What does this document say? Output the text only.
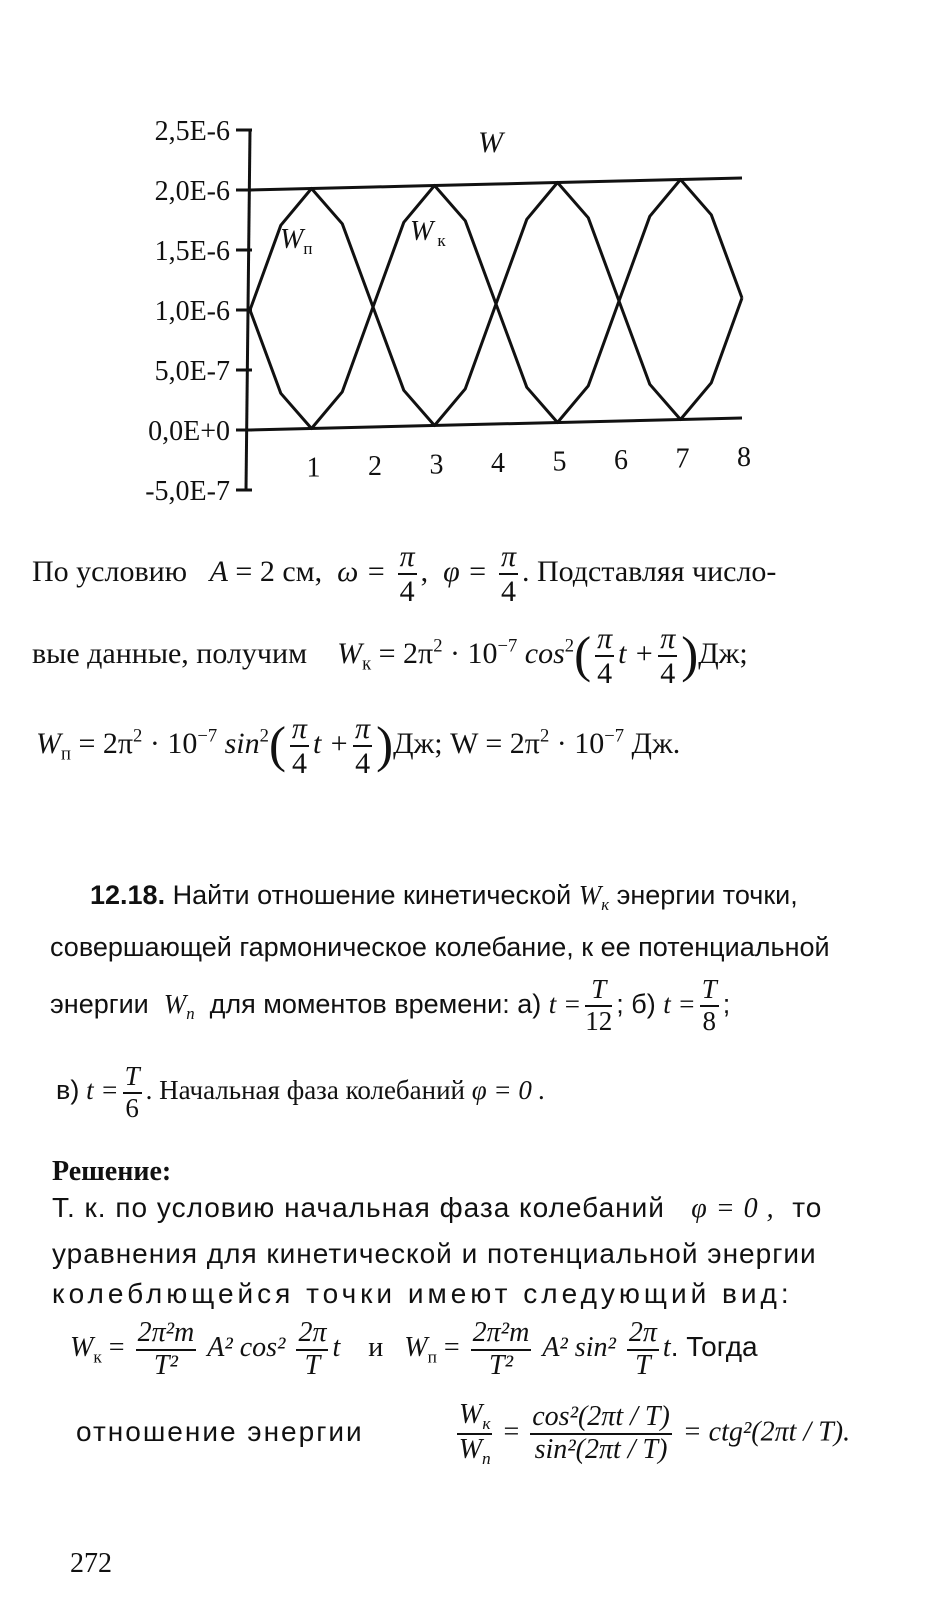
2,5E-6
2,0E-6
1,5E-6
1,0E-6
5,0E-7
0,0E+0
-5,0E-7
1 2 3 4 5 6 7 8
W
$W_п$
W $_к$
По условию A = 2 см, $\omega = \frac{\pi}{4}$ , $\varphi = \frac{\pi}{4}$ . Подставляя число-
вые данные, получим $W_к = 2\pi^2 \cdot 10^{-7}$ $\cos^2( \frac{\pi}{4}$ $t + \frac{\pi}{4} )Дж$;
$W_п = 2\pi^2 \cdot 10^{-7}$ $\sin^2( \frac{\pi}{4}$ $t + \frac{\pi}{4} )Дж$; $W = 2\pi^2 \cdot 10^{-7}$ Дж.
12.18. Найти отношение кинетической $W_к$ энергии точки,
совершающей гармоническое колебание, к ее потенциальной
энергии $W_п$ для моментов времени: а) $t = \frac{T}{12}$ ; б) $t = \frac{T}{8}$ ;
в) $t = \frac{T}{6}$ . Начальная фаза колебаний φ = 0 .
Решение:
Т. к. по условию начальная фаза колебаний φ = 0 , то
уравнения для кинетической и потенциальной энергии
колеблющейся точки имеют следующий вид:
$W_к = \frac{\text{2π²m}}{\text{T²}} A^2$ $\cos^2 \frac{2\pi}{T}$ t и $W_п = \frac{\text{2π²m}}{\text{T²}} A^2$ $\sin^2 \frac{2\pi}{T} t$. Тогда
отношение энергии	$\frac{W_к}{W_п} = \frac{\text{cos²(2πt / T)}}{\text{sin²(2πt / T)}} = ctg^2(2\pi t / T)$.
272
